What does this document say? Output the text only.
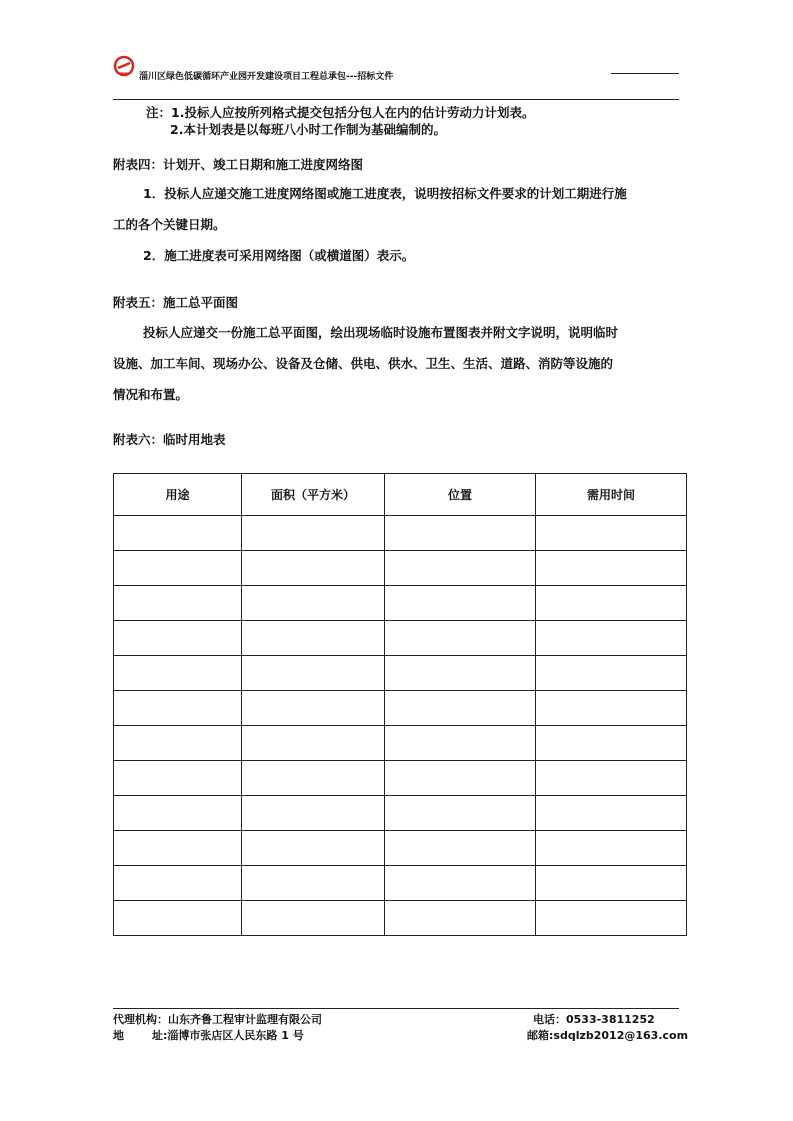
淄川区绿色低碳循环产业园开发建设项目工程总承包---招标文件
注：1.投标人应按所列格式提交包括分包人在内的估计劳动力计划表。
2.本计划表是以每班八小时工作制为基础编制的。
附表四：计划开、竣工日期和施工进度网络图
1．投标人应递交施工进度网络图或施工进度表，说明按招标文件要求的计划工期进行施
工的各个关键日期。
2．施工进度表可采用网络图（或横道图）表示。
附表五：施工总平面图
投标人应递交一份施工总平面图，绘出现场临时设施布置图表并附文字说明，说明临时
设施、加工车间、现场办公、设备及仓储、供电、供水、卫生、生活、道路、消防等设施的
情况和布置。
附表六：临时用地表
用途	面积（平方米）	位置	需用时间

代理机构：山东齐鲁工程审计监理有限公司	电话：0533-3811252
地	址:淄博市张店区人民东路 1 号	邮箱:sdqlzb2012@163.com
